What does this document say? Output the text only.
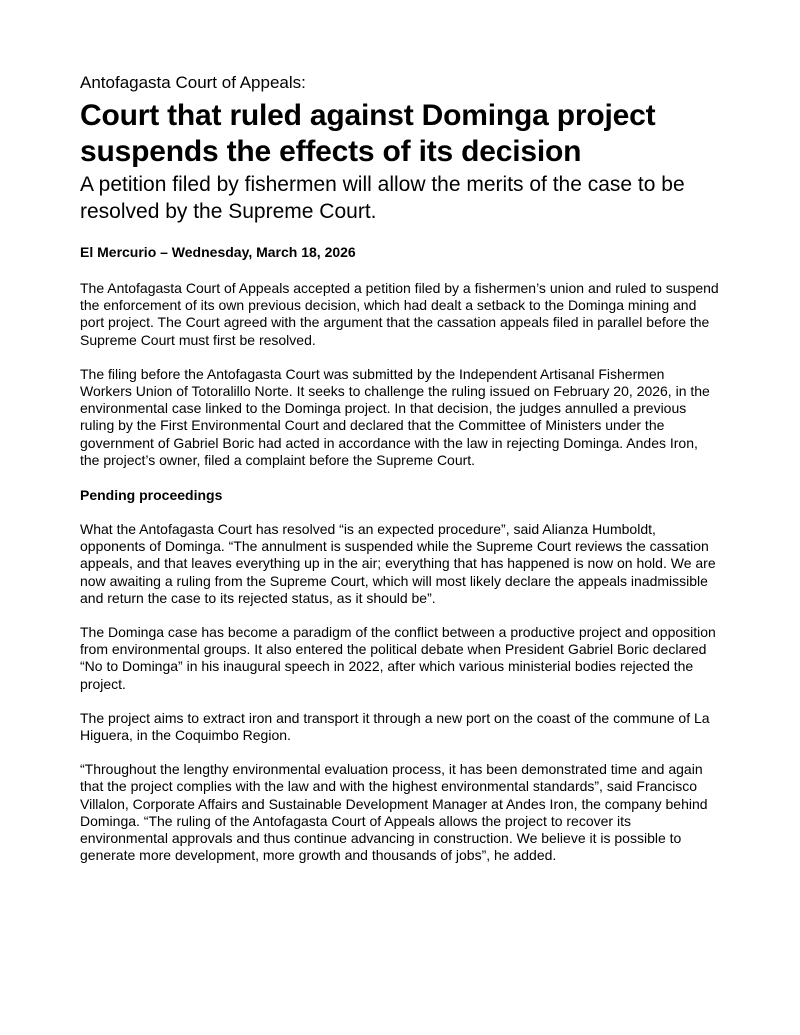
Antofagasta Court of Appeals:

Court that ruled against Dominga project
suspends the effects of its decision

A petition filed by fishermen will allow the merits of the case to be resolved by the Supreme Court.

El Mercurio – Wednesday, March 18, 2026

The Antofagasta Court of Appeals accepted a petition filed by a fishermen’s union and ruled to suspend the enforcement of its own previous decision, which had dealt a setback to the Dominga mining and port project. The Court agreed with the argument that the cassation appeals filed in parallel before the Supreme Court must first be resolved.

The filing before the Antofagasta Court was submitted by the Independent Artisanal Fishermen Workers Union of Totoralillo Norte. It seeks to challenge the ruling issued on February 20, 2026, in the environmental case linked to the Dominga project. In that decision, the judges annulled a previous ruling by the First Environmental Court and declared that the Committee of Ministers under the government of Gabriel Boric had acted in accordance with the law in rejecting Dominga. Andes Iron, the project’s owner, filed a complaint before the Supreme Court.

Pending proceedings

What the Antofagasta Court has resolved “is an expected procedure”, said Alianza Humboldt, opponents of Dominga. “The annulment is suspended while the Supreme Court reviews the cassation appeals, and that leaves everything up in the air; everything that has happened is now on hold. We are now awaiting a ruling from the Supreme Court, which will most likely declare the appeals inadmissible and return the case to its rejected status, as it should be”.

The Dominga case has become a paradigm of the conflict between a productive project and opposition from environmental groups. It also entered the political debate when President Gabriel Boric declared “No to Dominga” in his inaugural speech in 2022, after which various ministerial bodies rejected the project.

The project aims to extract iron and transport it through a new port on the coast of the commune of La Higuera, in the Coquimbo Region.

“Throughout the lengthy environmental evaluation process, it has been demonstrated time and again that the project complies with the law and with the highest environmental standards”, said Francisco Villalon, Corporate Affairs and Sustainable Development Manager at Andes Iron, the company behind Dominga. “The ruling of the Antofagasta Court of Appeals allows the project to recover its environmental approvals and thus continue advancing in construction. We believe it is possible to generate more development, more growth and thousands of jobs”, he added.
